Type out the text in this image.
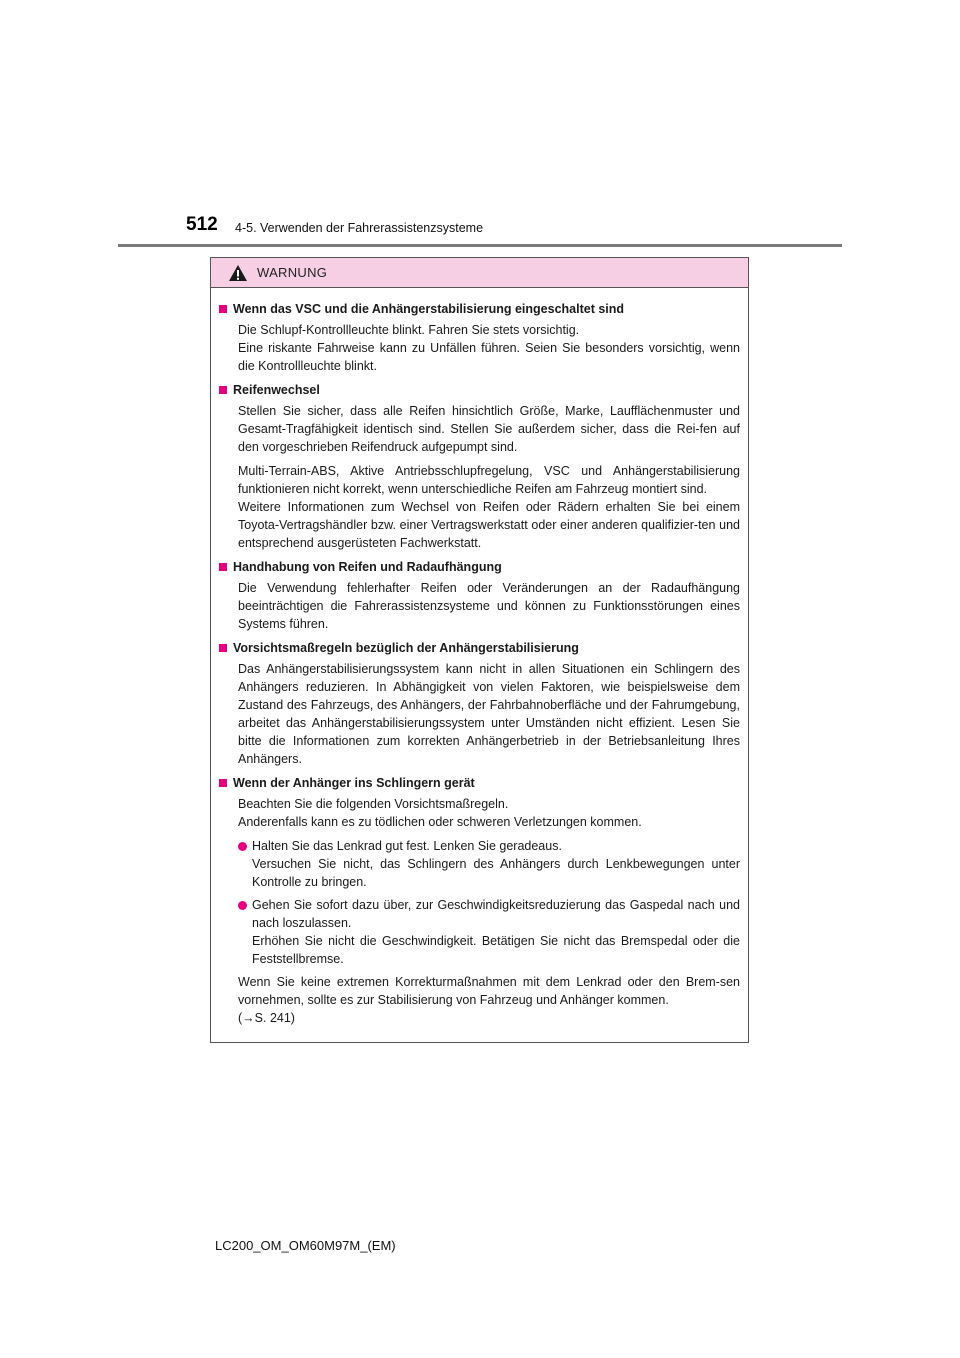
512 4-5. Verwenden der Fahrerassistenzsysteme
WARNUNG
Wenn das VSC und die Anhängerstabilisierung eingeschaltet sind
Die Schlupf-Kontrollleuchte blinkt. Fahren Sie stets vorsichtig.
Eine riskante Fahrweise kann zu Unfällen führen. Seien Sie besonders vorsichtig, wenn die Kontrollleuchte blinkt.
Reifenwechsel
Stellen Sie sicher, dass alle Reifen hinsichtlich Größe, Marke, Laufflächenmuster und Gesamt-Tragfähigkeit identisch sind. Stellen Sie außerdem sicher, dass die Rei-fen auf den vorgeschrieben Reifendruck aufgepumpt sind.
Multi-Terrain-ABS, Aktive Antriebsschlupfregelung, VSC und Anhängerstabilisierung funktionieren nicht korrekt, wenn unterschiedliche Reifen am Fahrzeug montiert sind.
Weitere Informationen zum Wechsel von Reifen oder Rädern erhalten Sie bei einem Toyota-Vertragshändler bzw. einer Vertragswerkstatt oder einer anderen qualifizier-ten und entsprechend ausgerüsteten Fachwerkstatt.
Handhabung von Reifen und Radaufhängung
Die Verwendung fehlerhafter Reifen oder Veränderungen an der Radaufhängung beeinträchtigen die Fahrerassistenzsysteme und können zu Funktionsstörungen eines Systems führen.
Vorsichtsmaßregeln bezüglich der Anhängerstabilisierung
Das Anhängerstabilisierungssystem kann nicht in allen Situationen ein Schlingern des Anhängers reduzieren. In Abhängigkeit von vielen Faktoren, wie beispielsweise dem Zustand des Fahrzeugs, des Anhängers, der Fahrbahnoberfläche und der Fahrumgebung, arbeitet das Anhängerstabilisierungssystem unter Umständen nicht effizient. Lesen Sie bitte die Informationen zum korrekten Anhängerbetrieb in der Betriebsanleitung Ihres Anhängers.
Wenn der Anhänger ins Schlingern gerät
Beachten Sie die folgenden Vorsichtsmaßregeln.
Anderenfalls kann es zu tödlichen oder schweren Verletzungen kommen.
Halten Sie das Lenkrad gut fest. Lenken Sie geradeaus.
Versuchen Sie nicht, das Schlingern des Anhängers durch Lenkbewegungen unter Kontrolle zu bringen.
Gehen Sie sofort dazu über, zur Geschwindigkeitsreduzierung das Gaspedal nach und nach loszulassen.
Erhöhen Sie nicht die Geschwindigkeit. Betätigen Sie nicht das Bremspedal oder die Feststellbremse.
Wenn Sie keine extremen Korrekturmaßnahmen mit dem Lenkrad oder den Brem-sen vornehmen, sollte es zur Stabilisierung von Fahrzeug und Anhänger kommen.
(→S. 241)
LC200_OM_OM60M97M_(EM)
